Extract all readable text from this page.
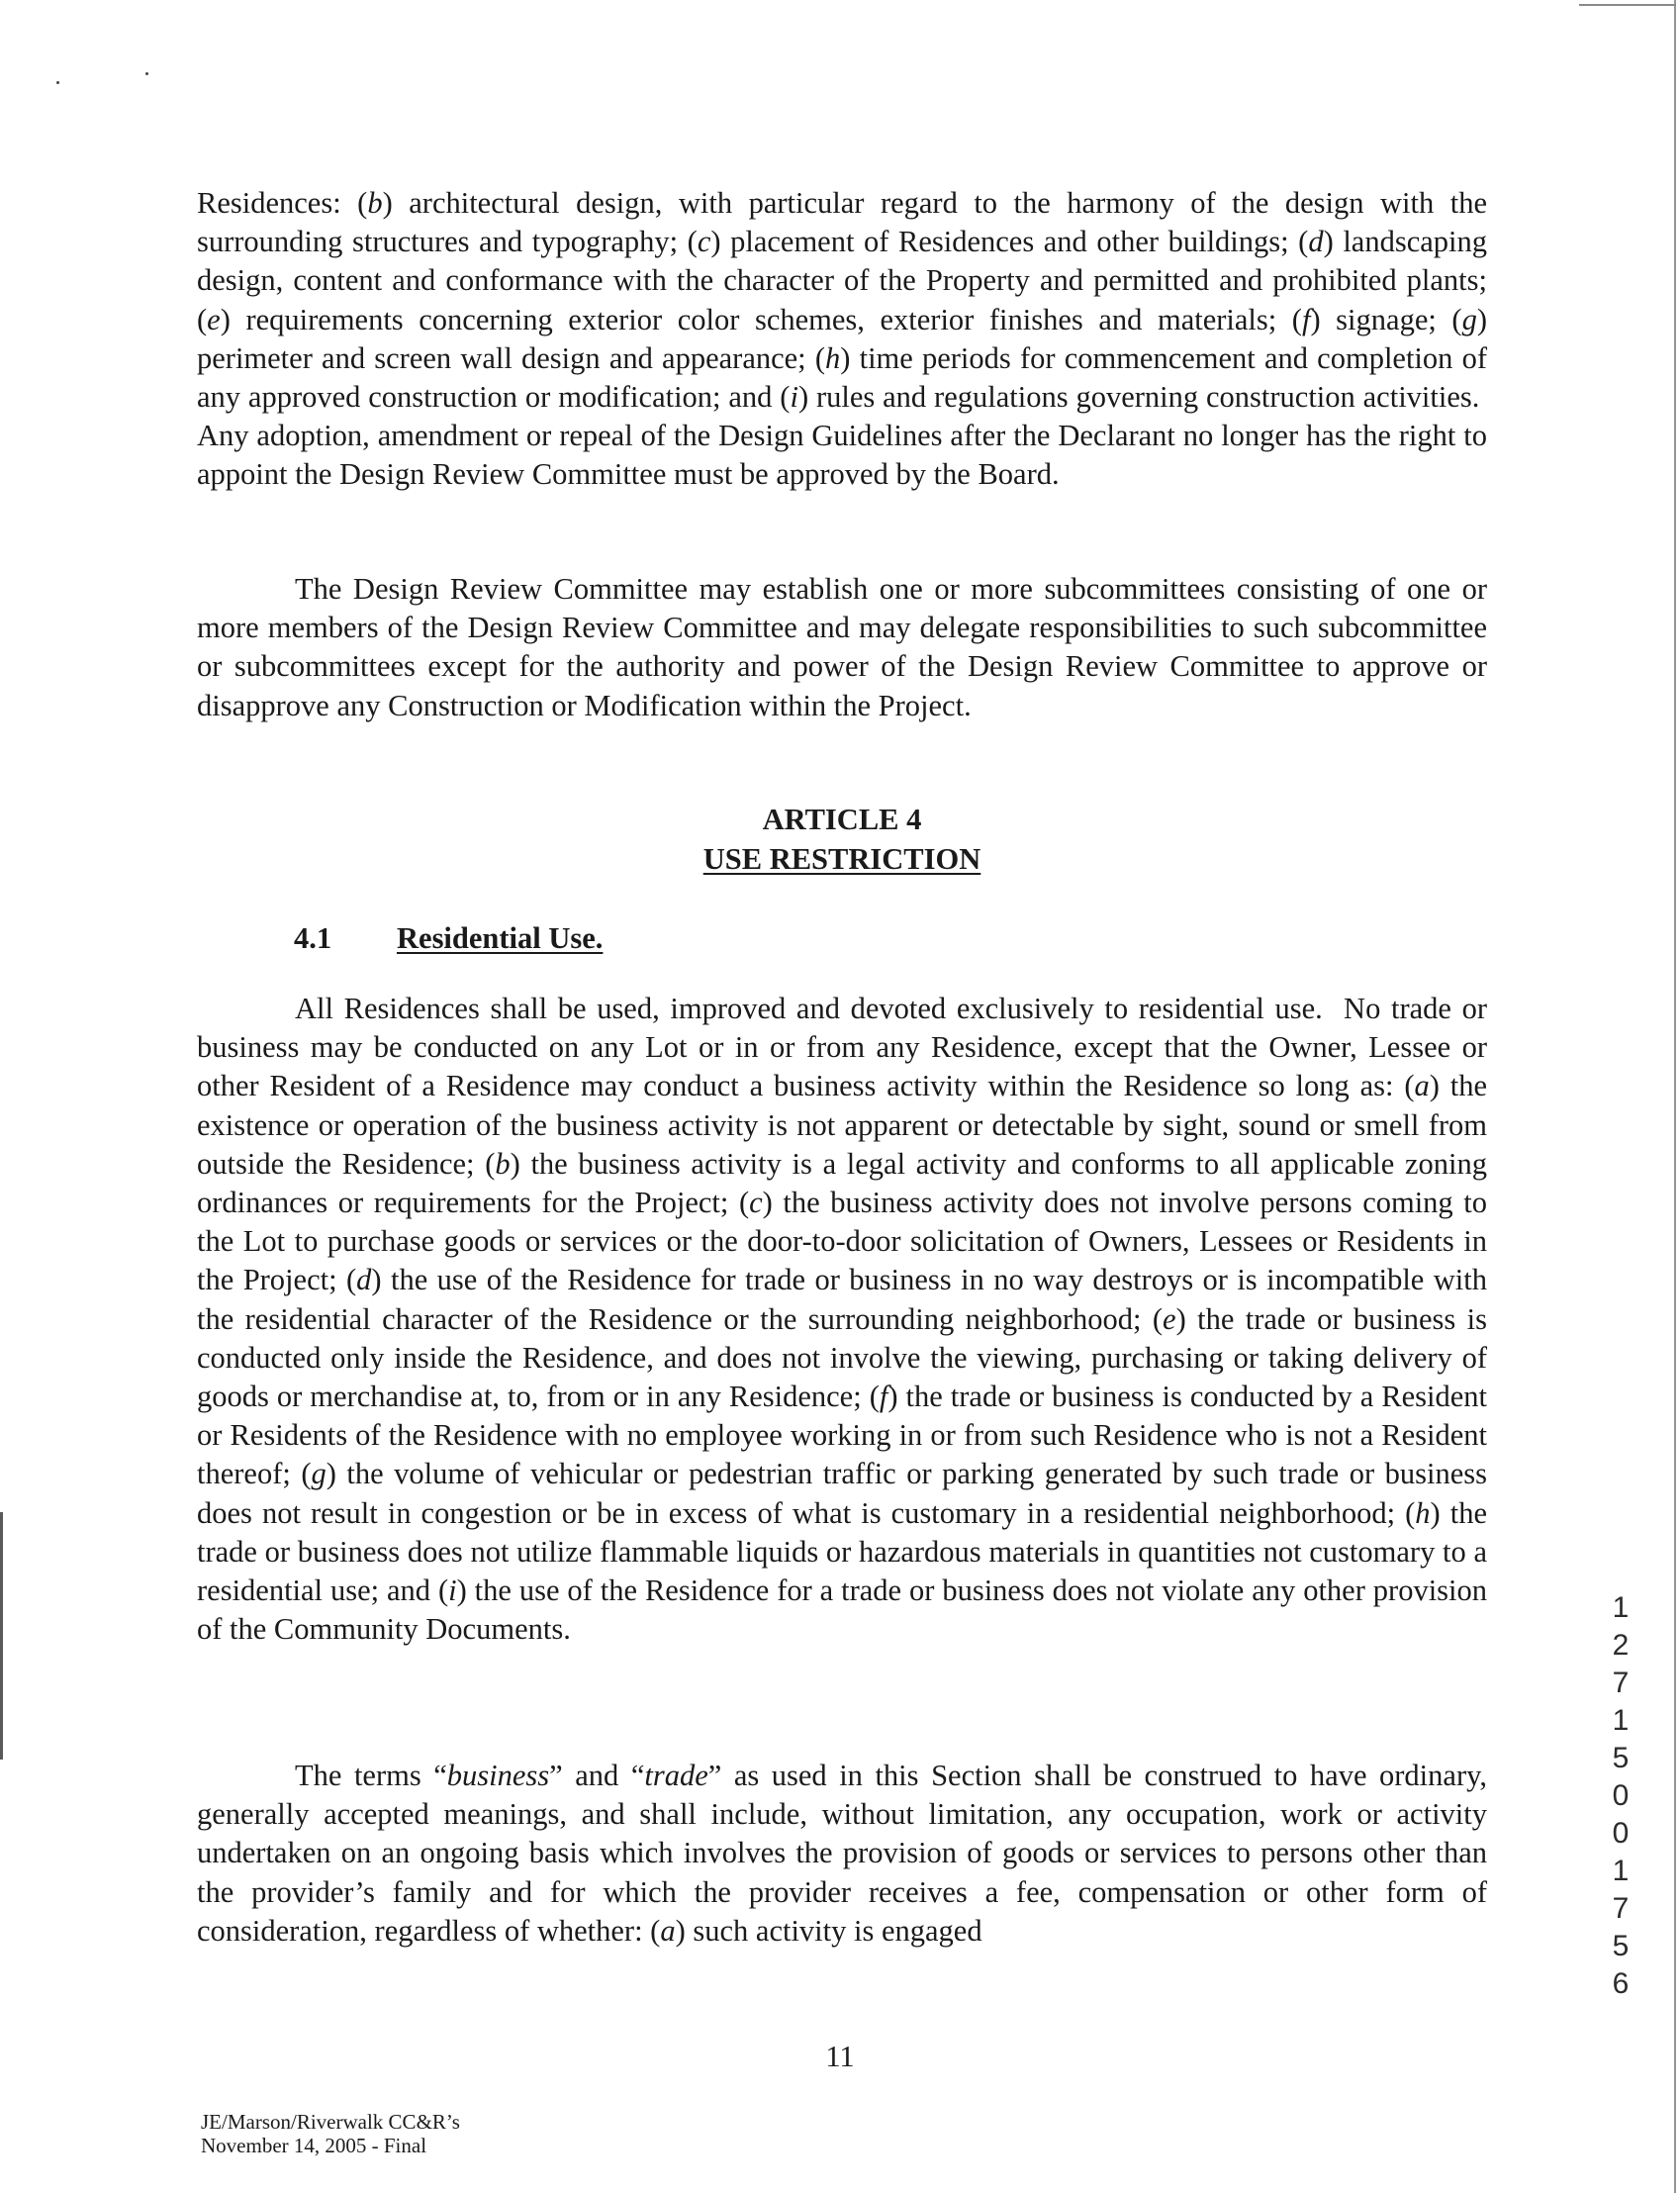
Residences: (b) architectural design, with particular regard to the harmony of the design with the surrounding structures and typography; (c) placement of Residences and other buildings; (d) landscaping design, content and conformance with the character of the Property and permitted and prohibited plants; (e) requirements concerning exterior color schemes, exterior finishes and materials; (f) signage; (g) perimeter and screen wall design and appearance; (h) time periods for commencement and completion of any approved construction or modification; and (i) rules and regulations governing construction activities.  Any adoption, amendment or repeal of the Design Guidelines after the Declarant no longer has the right to appoint the Design Review Committee must be approved by the Board.

The Design Review Committee may establish one or more subcommittees consisting of one or more members of the Design Review Committee and may delegate responsibilities to such subcommittee or subcommittees except for the authority and power of the Design Review Committee to approve or disapprove any Construction or Modification within the Project.

ARTICLE 4
USE RESTRICTION
4.1 Residential Use.

All Residences shall be used, improved and devoted exclusively to residential use.  No trade or business may be conducted on any Lot or in or from any Residence, except that the Owner, Lessee or other Resident of a Residence may conduct a business activity within the Residence so long as: (a) the existence or operation of the business activity is not apparent or detectable by sight, sound or smell from outside the Residence; (b) the business activity is a legal activity and conforms to all applicable zoning ordinances or requirements for the Project; (c) the business activity does not involve persons coming to the Lot to purchase goods or services or the door-to-door solicitation of Owners, Lessees or Residents in the Project; (d) the use of the Residence for trade or business in no way destroys or is incompatible with the residential character of the Residence or the surrounding neighborhood; (e) the trade or business is conducted only inside the Residence, and does not involve the viewing, purchasing or taking delivery of goods or merchandise at, to, from or in any Residence; (f) the trade or business is conducted by a Resident or Residents of the Residence with no employee working in or from such Residence who is not a Resident thereof; (g) the volume of vehicular or pedestrian traffic or parking generated by such trade or business does not result in congestion or be in excess of what is customary in a residential neighborhood; (h) the trade or business does not utilize flammable liquids or hazardous materials in quantities not customary to a residential use; and (i) the use of the Residence for a trade or business does not violate any other provision of the Community Documents.

The terms “business” and “trade” as used in this Section shall be construed to have ordinary, generally accepted meanings, and shall include, without limitation, any occupation, work or activity undertaken on an ongoing basis which involves the provision of goods or services to persons other than the provider’s family and for which the provider receives a fee, compensation or other form of consideration, regardless of whether: (a) such activity is engaged

127150 01756
11
JE/Marson/Riverwalk CC&R’s
November 14, 2005 - Final
